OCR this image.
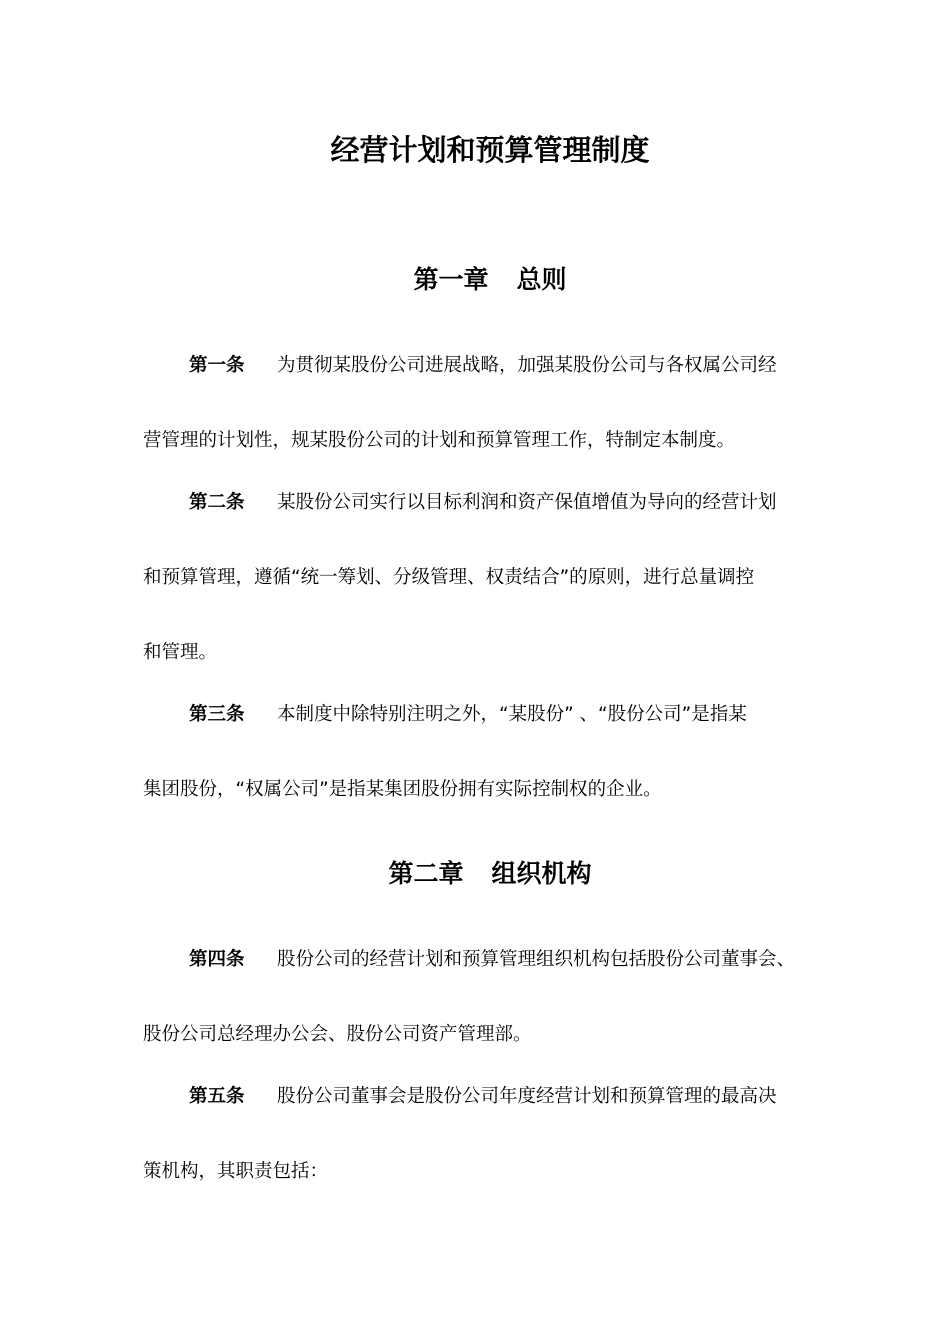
经营计划和预算管理制度
第一章 总则
第一条 为贯彻某股份公司进展战略，加强某股份公司与各权属公司经
营管理的计划性，规某股份公司的计划和预算管理工作，特制定本制度。
第二条 某股份公司实行以目标利润和资产保值增值为导向的经营计划
和预算管理，遵循“统一筹划、分级管理、权责结合”的原则，进行总量调控
和管理。
第三条 本制度中除特别注明之外，“某股份” 、“股份公司”是指某
集团股份，“权属公司”是指某集团股份拥有实际控制权的企业。
第二章 组织机构
第四条 股份公司的经营计划和预算管理组织机构包括股份公司董事会、
股份公司总经理办公会、股份公司资产管理部。
第五条 股份公司董事会是股份公司年度经营计划和预算管理的最高决
策机构，其职责包括：
